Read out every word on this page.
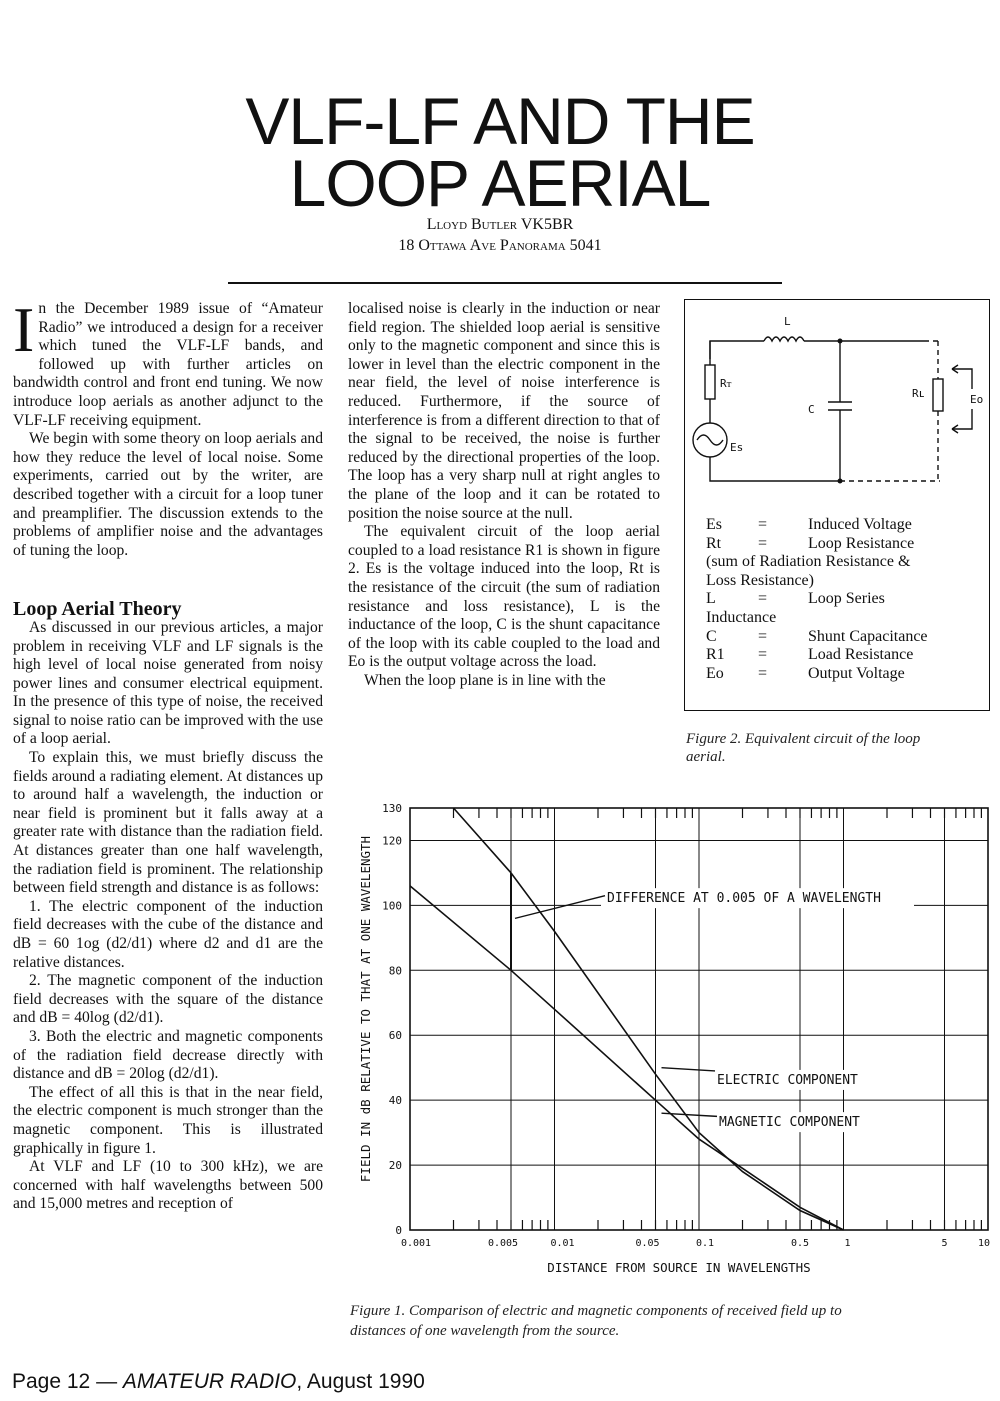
VLF-LF AND THE
LOOP AERIAL
Lloyd Butler VK5BR
18 Ottawa Ave Panorama 5041

In the December 1989 issue of “Amateur Radio” we introduced a design for a receiver which tuned the VLF-LF bands, and followed up with further articles on bandwidth control and front end tuning. We now introduce loop aerials as another adjunct to the VLF-LF receiving equipment.

We begin with some theory on loop aerials and how they reduce the level of local noise. Some experiments, carried out by the writer, are described together with a circuit for a loop tuner and preamplifier. The discussion extends to the problems of amplifier noise and the advantages of tuning the loop.

Loop Aerial Theory

As discussed in our previous articles, a major problem in receiving VLF and LF signals is the high level of local noise generated from noisy power lines and consumer electrical equipment. In the presence of this type of noise, the received signal to noise ratio can be improved with the use of a loop aerial.

To explain this, we must briefly discuss the fields around a radiating element. At distances up to around half a wavelength, the induction or near field is prominent but it falls away at a greater rate with distance than the radiation field. At distances greater than one half wavelength, the radiation field is prominent. The relationship between field strength and distance is as follows:

1. The electric component of the induction field decreases with the cube of the distance and dB = 60 1og (d2/d1) where d2 and d1 are the relative distances.

2. The magnetic component of the induction field decreases with the square of the distance and dB = 40log (d2/d1).

3. Both the electric and magnetic components of the radiation field decrease directly with distance and dB = 20log (d2/d1).

The effect of all this is that in the near field, the electric component is much stronger than the magnetic component. This is illustrated graphically in figure 1.

At VLF and LF (10 to 300 kHz), we are concerned with half wavelengths between 500 and 15,000 metres and reception of

localised noise is clearly in the induction or near field region. The shielded loop aerial is sensitive only to the magnetic component and since this is lower in level than the electric component in the near field, the level of noise interference is reduced. Furthermore, if the source of interference is from a different direction to that of the signal to be received, the noise is further reduced by the directional properties of the loop. The loop has a very sharp null at right angles to the plane of the loop and it can be rotated to position the noise source at the null.

The equivalent circuit of the loop aerial coupled to a load resistance R1 is shown in figure 2. Es is the voltage induced into the loop, Rt is the resistance of the circuit (the sum of radiation resistance and loss resistance), L is the inductance of the loop, C is the shunt capacitance of the loop with its cable coupled to the load and Eo is the output voltage across the load.

When the loop plane is in line with the

L
Rᴛ
C
Rʟ
Es
Eo
Es	=	Induced Voltage
Rt	=	Loop Resistance
(sum of Radiation Resistance &
Loss Resistance)
L	=	Loop Series
Inductance
C	=	Shunt Capacitance
R1	=	Load Resistance
Eo	=	Output Voltage
Figure 2. Equivalent circuit of the loop
aerial.
0
20
40
60
80
100
120
130
0.001	0.005	0.01	0.05	0.1	0.5	1	5	10
DISTANCE FROM SOURCE IN WAVELENGTHS
FIELD IN dB RELATIVE TO THAT AT ONE WAVELENGTH	DIFFERENCE AT 0.005 OF A WAVELENGTH
ELECTRIC COMPONENT
MAGNETIC COMPONENT
Figure 1. Comparison of electric and magnetic components of received field up to
distances of one wavelength from the source.
Page 12 — AMATEUR RADIO, August 1990
